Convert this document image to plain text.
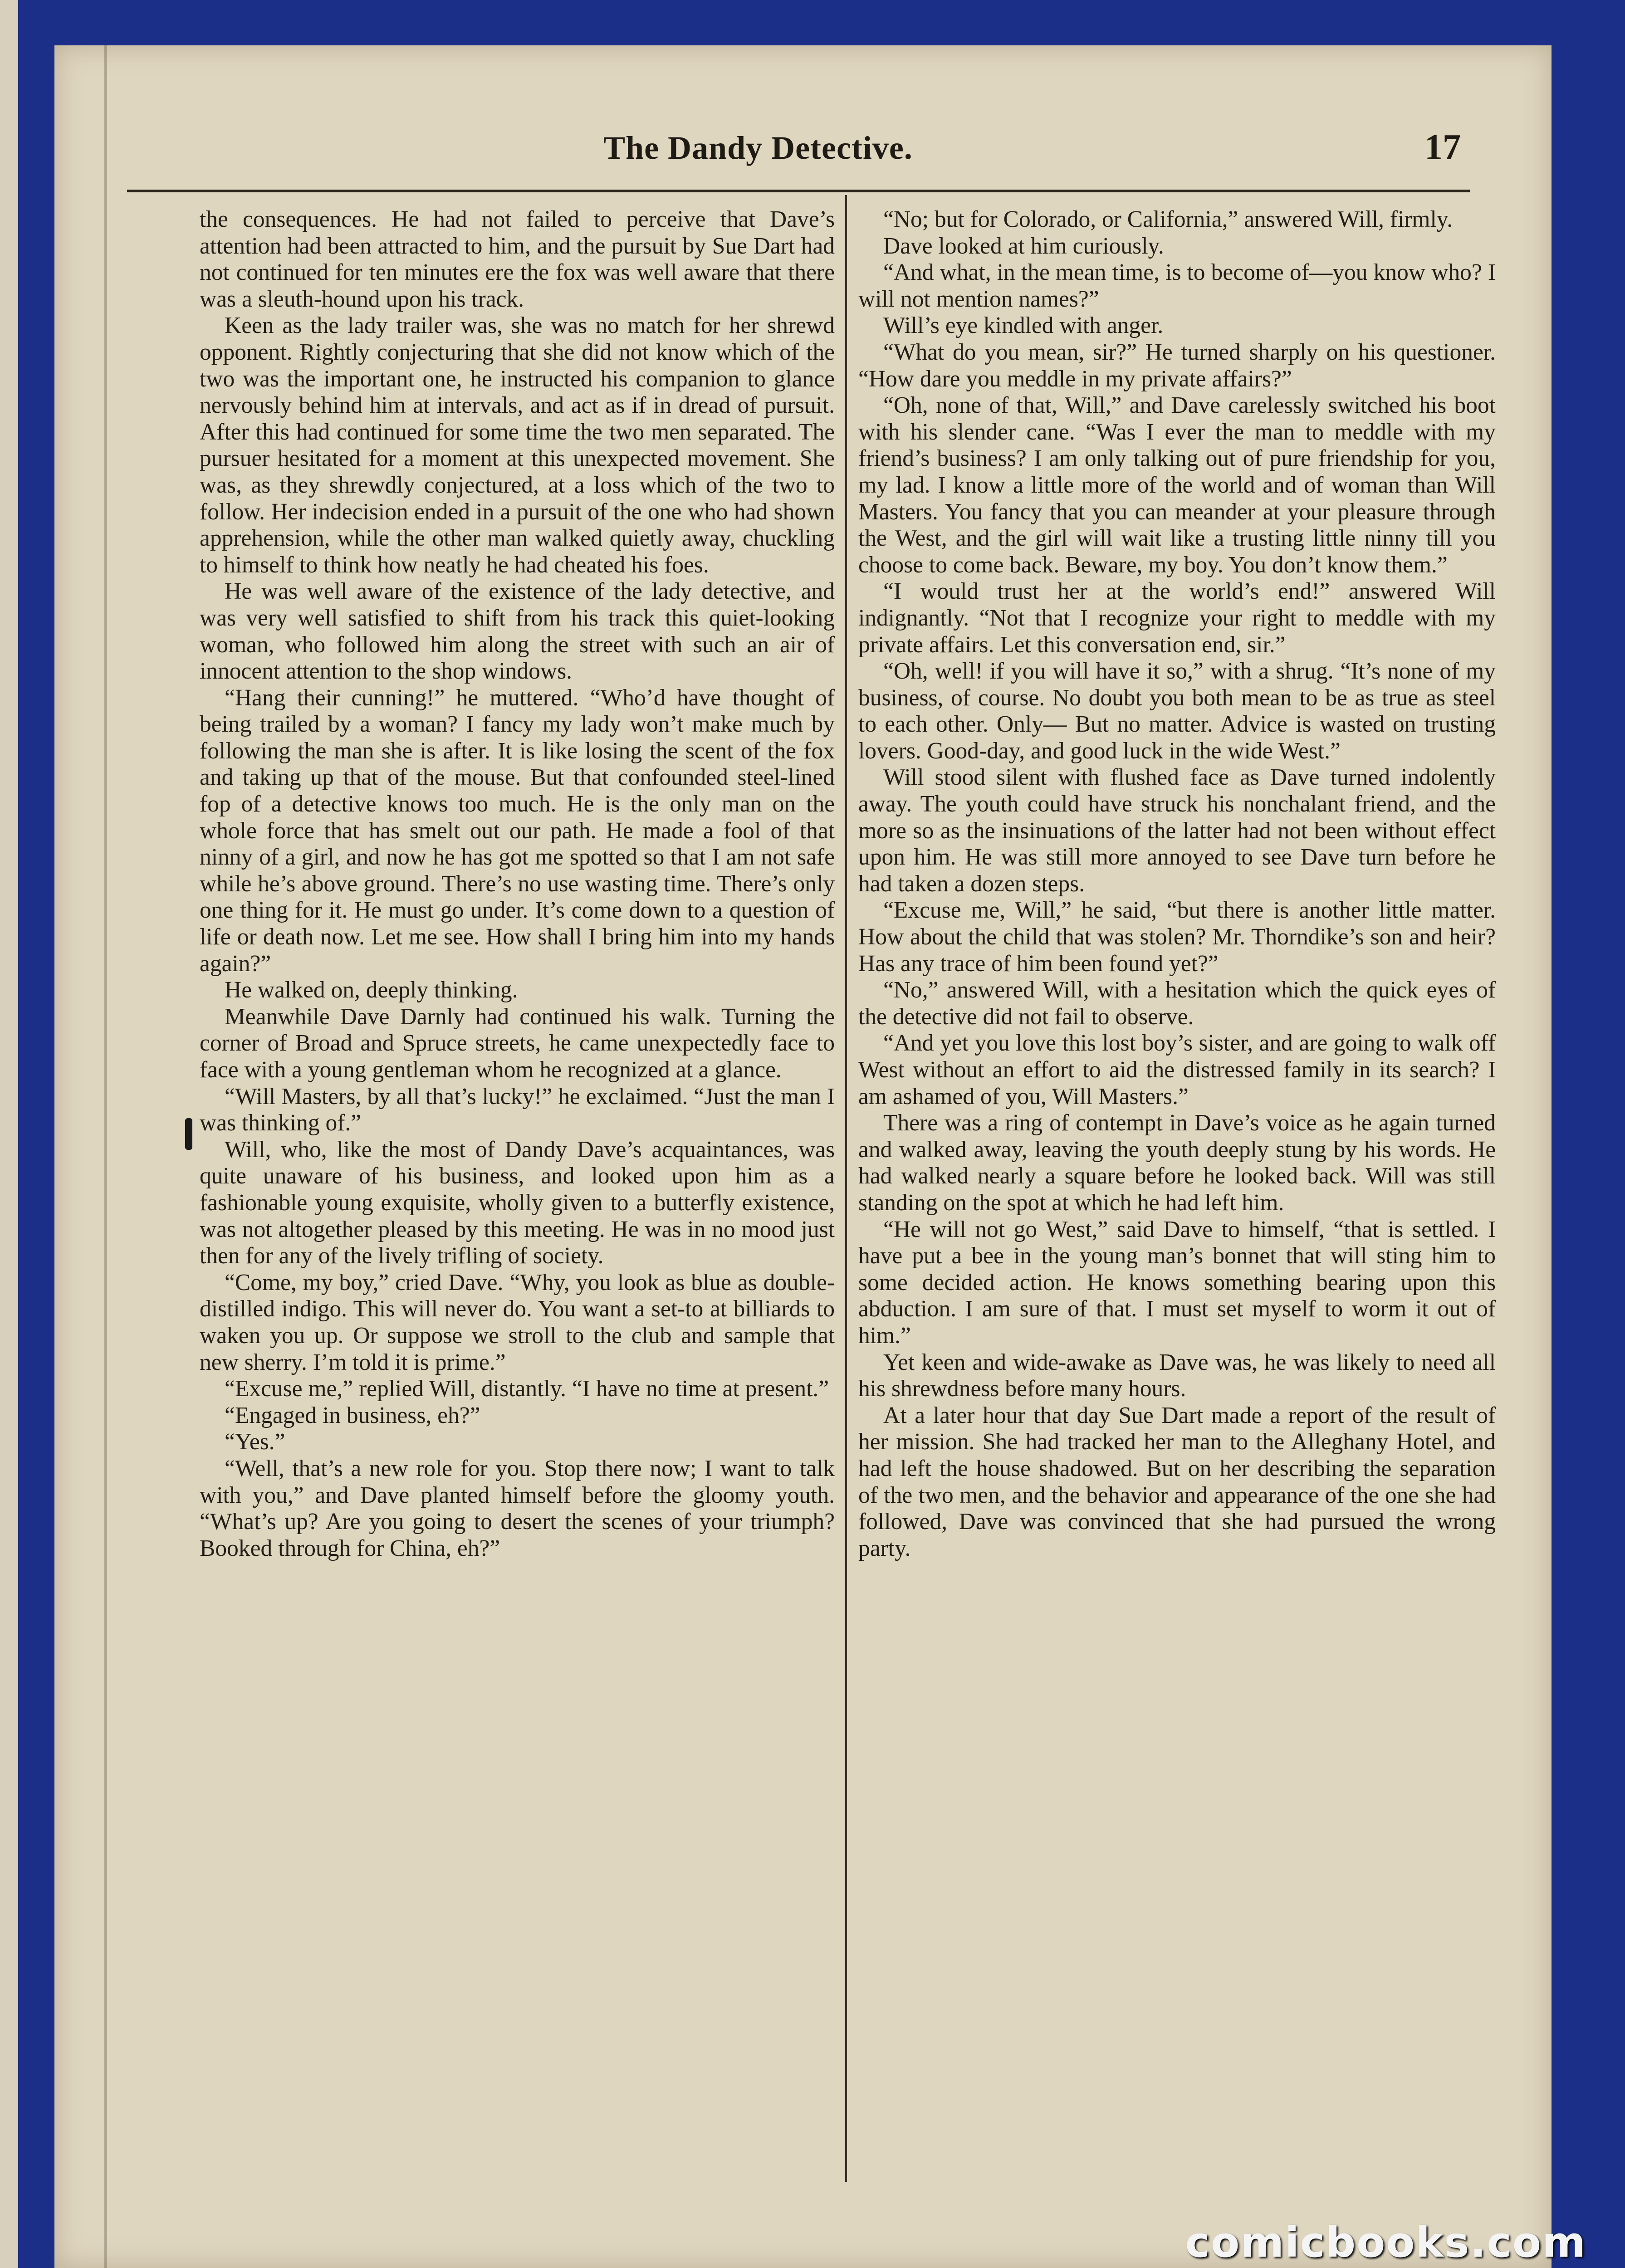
The Dandy Detective.	17

the consequences. He had not failed to perceive that Dave’s attention had been attracted to him, and the pursuit by Sue Dart had not continued for ten minutes ere the fox was well aware that there was a sleuth-hound upon his track.

Keen as the lady trailer was, she was no match for her shrewd opponent. Rightly conjecturing that she did not know which of the two was the important one, he instructed his companion to glance nervously behind him at intervals, and act as if in dread of pursuit. After this had continued for some time the two men separated. The pursuer hesitated for a moment at this unexpected movement. She was, as they shrewdly conjectured, at a loss which of the two to follow. Her indecision ended in a pursuit of the one who had shown apprehension, while the other man walked quietly away, chuckling to himself to think how neatly he had cheated his foes.

He was well aware of the existence of the lady detective, and was very well satisfied to shift from his track this quiet-looking woman, who followed him along the street with such an air of innocent attention to the shop windows.

“Hang their cunning!” he muttered. “Who’d have thought of being trailed by a woman? I fancy my lady won’t make much by following the man she is after. It is like losing the scent of the fox and taking up that of the mouse. But that confounded steel-lined fop of a detective knows too much. He is the only man on the whole force that has smelt out our path. He made a fool of that ninny of a girl, and now he has got me spotted so that I am not safe while he’s above ground. There’s no use wasting time. There’s only one thing for it. He must go under. It’s come down to a question of life or death now. Let me see. How shall I bring him into my hands again?”

He walked on, deeply thinking.

Meanwhile Dave Darnly had continued his walk. Turning the corner of Broad and Spruce streets, he came unexpectedly face to face with a young gentleman whom he recognized at a glance.

“Will Masters, by all that’s lucky!” he exclaimed. “Just the man I was thinking of.”

Will, who, like the most of Dandy Dave’s acquaintances, was quite unaware of his business, and looked upon him as a fashionable young exquisite, wholly given to a butterfly existence, was not altogether pleased by this meeting. He was in no mood just then for any of the lively trifling of society.

“Come, my boy,” cried Dave. “Why, you look as blue as double-distilled indigo. This will never do. You want a set-to at billiards to waken you up. Or suppose we stroll to the club and sample that new sherry. I’m told it is prime.”

“Excuse me,” replied Will, distantly. “I have no time at present.”

“Engaged in business, eh?”

“Yes.”

“Well, that’s a new role for you. Stop there now; I want to talk with you,” and Dave planted himself before the gloomy youth. “What’s up? Are you going to desert the scenes of your triumph? Booked through for China, eh?”

“No; but for Colorado, or California,” answered Will, firmly.

Dave looked at him curiously.

“And what, in the mean time, is to become of—you know who? I will not mention names?”

Will’s eye kindled with anger.

“What do you mean, sir?” He turned sharply on his questioner. “How dare you meddle in my private affairs?”

“Oh, none of that, Will,” and Dave carelessly switched his boot with his slender cane. “Was I ever the man to meddle with my friend’s business? I am only talking out of pure friendship for you, my lad. I know a little more of the world and of woman than Will Masters. You fancy that you can meander at your pleasure through the West, and the girl will wait like a trusting little ninny till you choose to come back. Beware, my boy. You don’t know them.”

“I would trust her at the world’s end!” answered Will indignantly. “Not that I recognize your right to meddle with my private affairs. Let this conversation end, sir.”

“Oh, well! if you will have it so,” with a shrug. “It’s none of my business, of course. No doubt you both mean to be as true as steel to each other. Only— But no matter. Advice is wasted on trusting lovers. Good-day, and good luck in the wide West.”

Will stood silent with flushed face as Dave turned indolently away. The youth could have struck his nonchalant friend, and the more so as the insinuations of the latter had not been without effect upon him. He was still more annoyed to see Dave turn before he had taken a dozen steps.

“Excuse me, Will,” he said, “but there is another little matter. How about the child that was stolen? Mr. Thorndike’s son and heir? Has any trace of him been found yet?”

“No,” answered Will, with a hesitation which the quick eyes of the detective did not fail to observe.

“And yet you love this lost boy’s sister, and are going to walk off West without an effort to aid the distressed family in its search? I am ashamed of you, Will Masters.”

There was a ring of contempt in Dave’s voice as he again turned and walked away, leaving the youth deeply stung by his words. He had walked nearly a square before he looked back. Will was still standing on the spot at which he had left him.

“He will not go West,” said Dave to himself, “that is settled. I have put a bee in the young man’s bonnet that will sting him to some decided action. He knows something bearing upon this abduction. I am sure of that. I must set myself to worm it out of him.”

Yet keen and wide-awake as Dave was, he was likely to need all his shrewdness before many hours.

At a later hour that day Sue Dart made a report of the result of her mission. She had tracked her man to the Alleghany Hotel, and had left the house shadowed. But on her describing the separation of the two men, and the behavior and appearance of the one she had followed, Dave was convinced that she had pursued the wrong party.

comicbooks.com
